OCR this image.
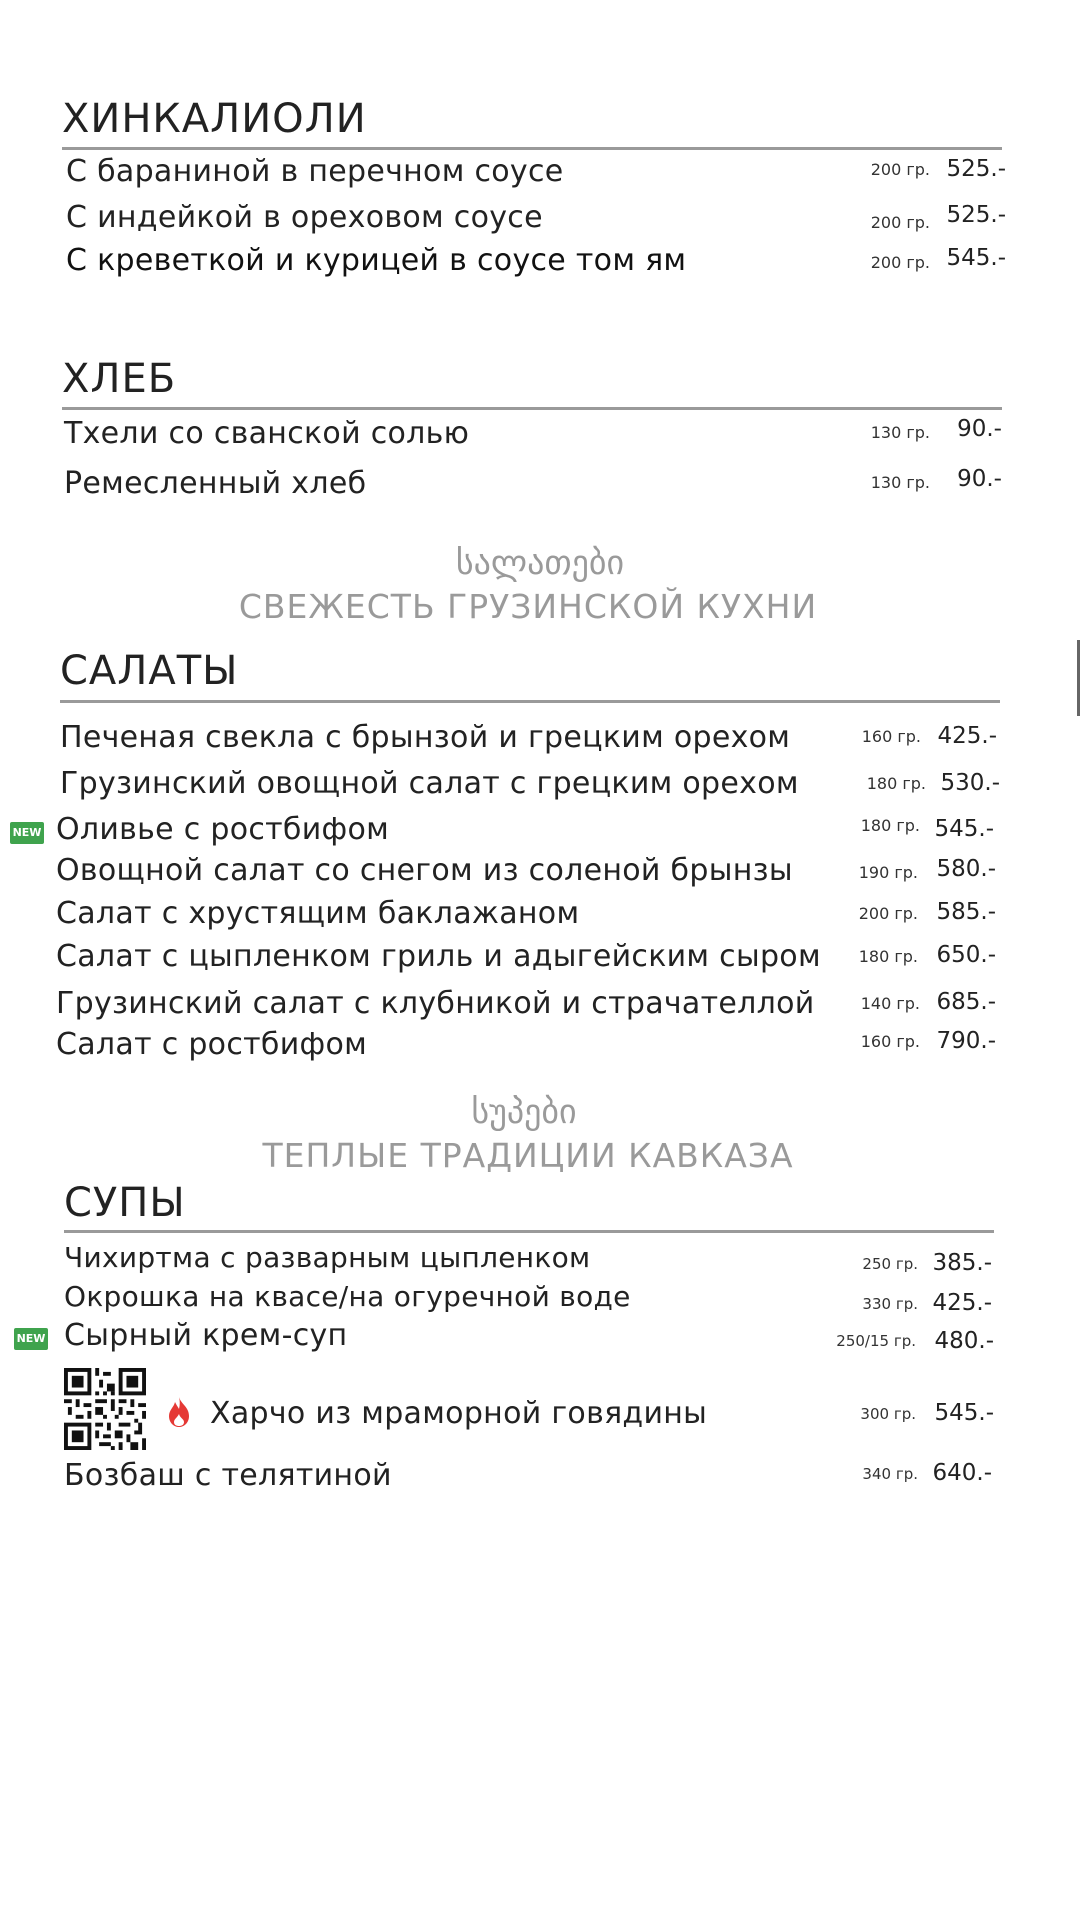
ХИНКАЛИОЛИ
С бараниной в перечном соусе	200 гр. 525.-
С индейкой в ореховом соусе	200 гр. 525.-
С креветкой и курицей в соусе том ям	200 гр. 545.-
ХЛЕБ
Тхели со сванской солью	130 гр. 90.-
Ремесленный хлеб	130 гр. 90.-
სალათები
СВЕЖЕСТЬ ГРУЗИНСКОЙ КУХНИ
САЛАТЫ
Печеная свекла с брынзой и грецким орехом	160 гр. 425.-
Грузинский овощной салат с грецким орехом	180 гр. 530.-
NEW Оливье с ростбифом	180 гр. 545.-
Овощной салат со снегом из соленой брынзы	190 гр. 580.-
Салат с хрустящим баклажаном	200 гр. 585.-
Салат с цыпленком гриль и адыгейским сыром 180 гр. 650.-
Грузинский салат с клубникой и страчателлой	140 гр. 685.-
Салат с ростбифом	160 гр. 790.-
სუპები
ТЕПЛЫЕ ТРАДИЦИИ КАВКАЗА
СУПЫ
Чихиртма с разварным цыпленком	250 гр. 385.-
Окрошка на квасе/на огуречной воде	330 гр. 425.-
NEW Сырный крем-суп	250/15 гр. 480.-
Харчо из мраморной говядины	300 гр. 545.-
Бозбаш с телятиной	340 гр. 640.-
